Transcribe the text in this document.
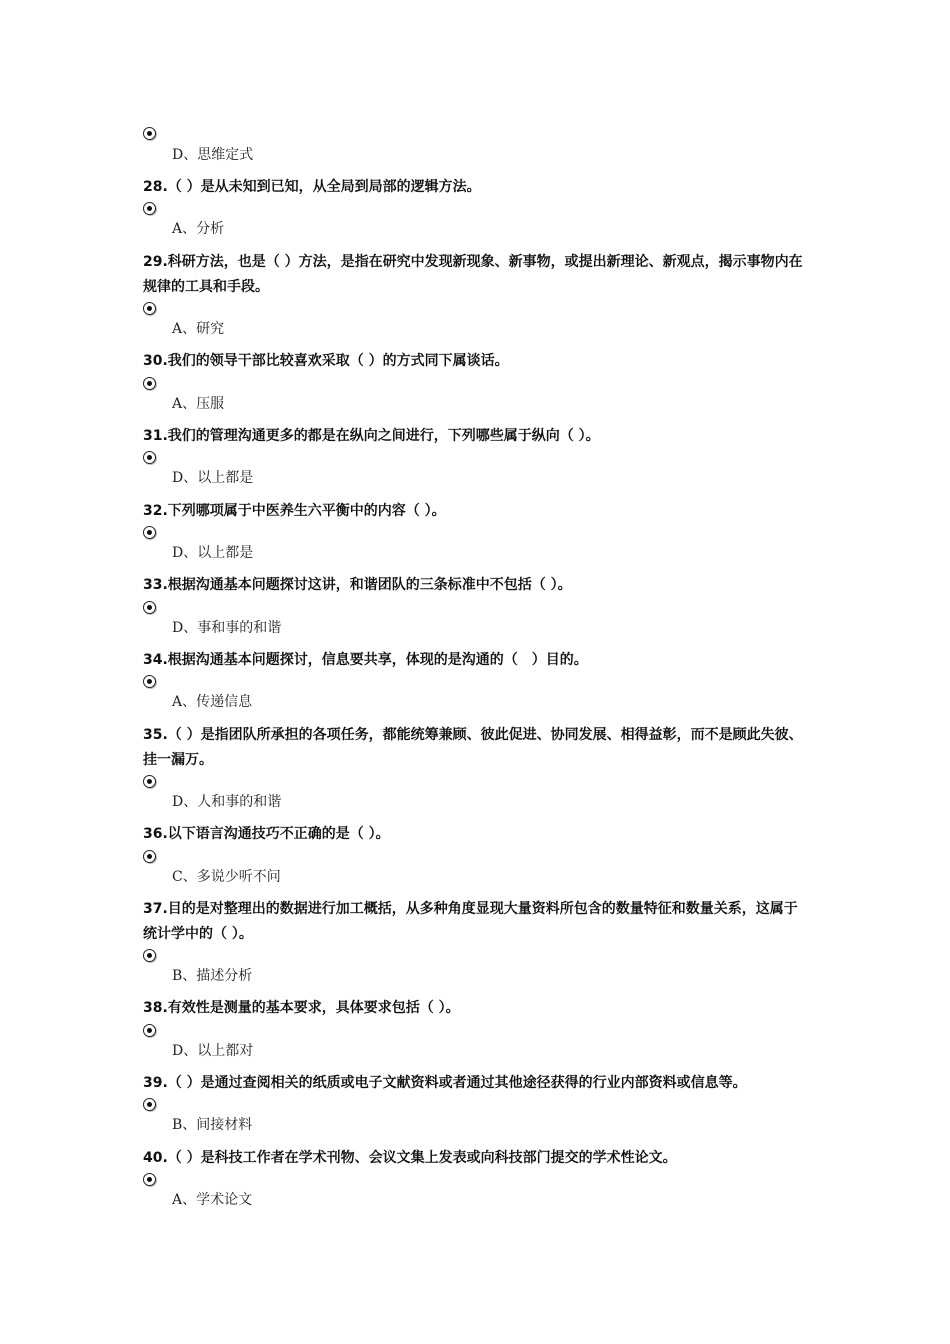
D、思维定式
28.（ ）是从未知到已知，从全局到局部的逻辑方法。
A、分析
29.科研方法，也是（ ）方法，是指在研究中发现新现象、新事物，或提出新理论、新观点，揭示事物内在规律的工具和手段。
A、研究
30.我们的领导干部比较喜欢采取（ ）的方式同下属谈话。
A、压服
31.我们的管理沟通更多的都是在纵向之间进行，下列哪些属于纵向（ ）。
D、以上都是
32.下列哪项属于中医养生六平衡中的内容（ ）。
D、以上都是
33.根据沟通基本问题探讨这讲，和谐团队的三条标准中不包括（ ）。
D、事和事的和谐
34.根据沟通基本问题探讨，信息要共享，体现的是沟通的（　）目的。
A、传递信息
35.（ ）是指团队所承担的各项任务，都能统筹兼顾、彼此促进、协同发展、相得益彰，而不是顾此失彼、挂一漏万。
D、人和事的和谐
36.以下语言沟通技巧不正确的是（ ）。
C、多说少听不问
37.目的是对整理出的数据进行加工概括，从多种角度显现大量资料所包含的数量特征和数量关系，这属于统计学中的（ ）。
B、描述分析
38.有效性是测量的基本要求，具体要求包括（ ）。
D、以上都对
39.（ ）是通过查阅相关的纸质或电子文献资料或者通过其他途径获得的行业内部资料或信息等。
B、间接材料
40.（ ）是科技工作者在学术刊物、会议文集上发表或向科技部门提交的学术性论文。
A、学术论文
